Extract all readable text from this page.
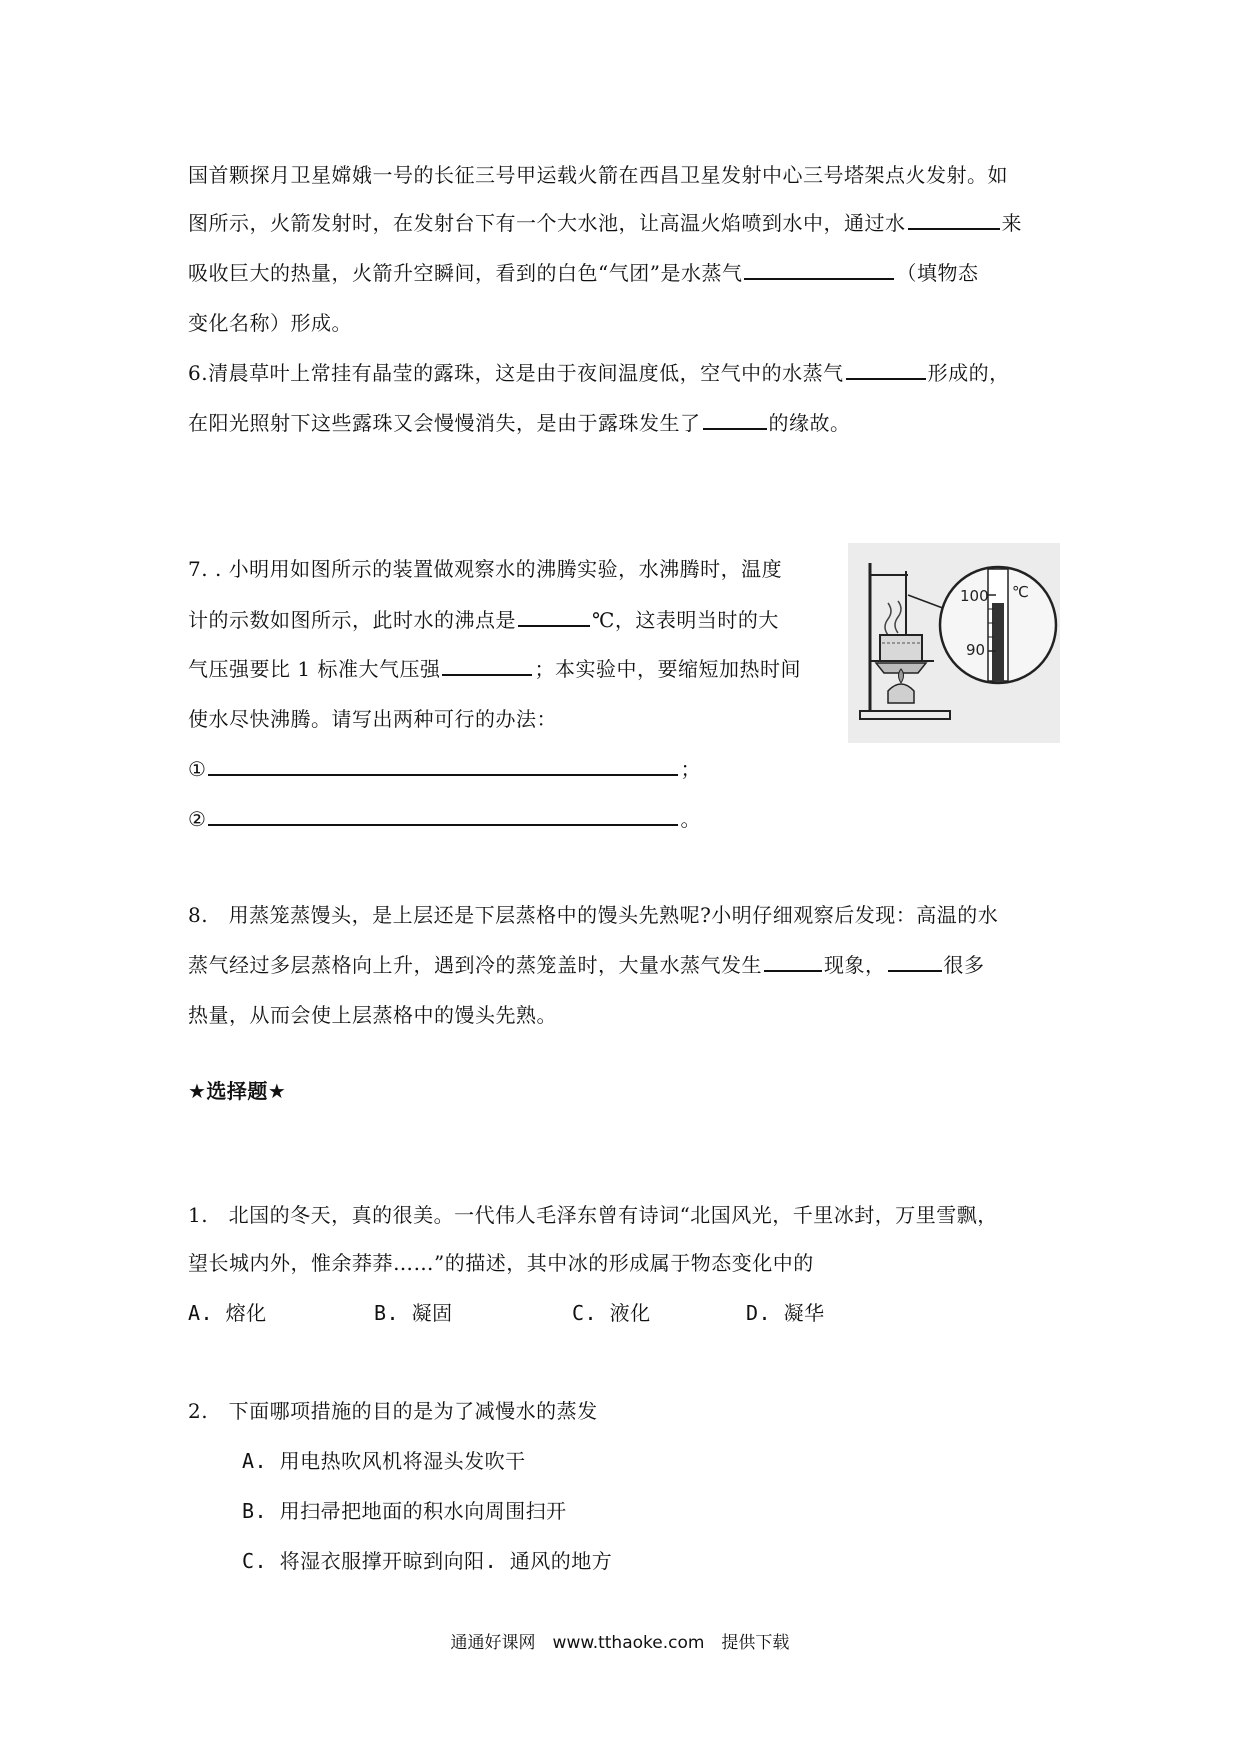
国首颗探月卫星嫦娥一号的长征三号甲运载火箭在西昌卫星发射中心三号塔架点火发射。如
图所示，火箭发射时，在发射台下有一个大水池，让高温火焰喷到水中，通过水	来
吸收巨大的热量，火箭升空瞬间，看到的白色“气团”是水蒸气	（填物态
变化名称）形成。
6.清晨草叶上常挂有晶莹的露珠，这是由于夜间温度低，空气中的水蒸气	形成的，
在阳光照射下这些露珠又会慢慢消失，是由于露珠发生了	的缘故。
7. . 小明用如图所示的装置做观察水的沸腾实验，水沸腾时，温度
计的示数如图所示，此时水的沸点是	℃，这表明当时的大
气压强要比 1 标准大气压强	；本实验中，要缩短加热时间
使水尽快沸腾。请写出两种可行的办法：
①	；
②	。
100 ℃
90
8.　用蒸笼蒸馒头，是上层还是下层蒸格中的馒头先熟呢?小明仔细观察后发现：高温的水
蒸气经过多层蒸格向上升，遇到冷的蒸笼盖时，大量水蒸气发生	现象，	很多
热量，从而会使上层蒸格中的馒头先熟。
★选择题★
1.　北国的冬天，真的很美。一代伟人毛泽东曾有诗词“北国风光，千里冰封，万里雪飘，
望长城内外，惟余莽莽……”的描述，其中冰的形成属于物态变化中的
A. 熔化	B. 凝固	C. 液化	D. 凝华
2.　下面哪项措施的目的是为了减慢水的蒸发
A. 用电热吹风机将湿头发吹干
B. 用扫帚把地面的积水向周围扫开
C. 将湿衣服撑开晾到向阳. 通风的地方
通通好课网　www.tthaoke.com　提供下载
